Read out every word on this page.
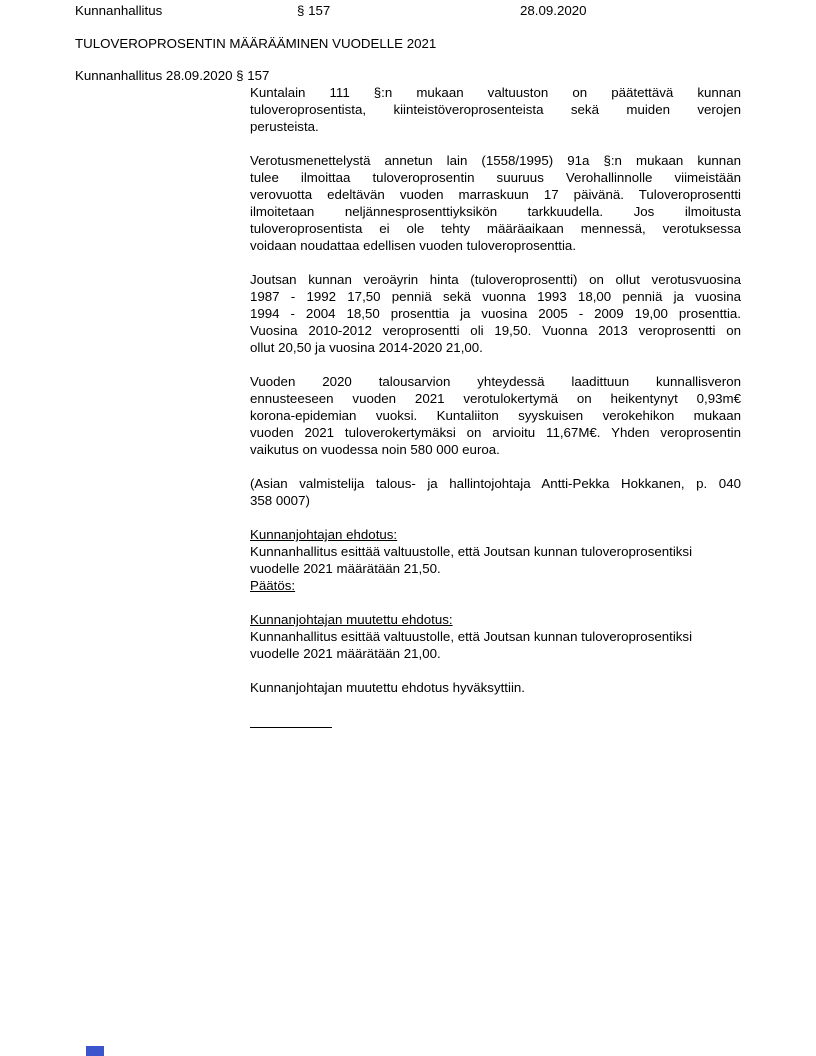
Kunnanhallitus	§ 157	28.09.2020
TULOVEROPROSENTIN MÄÄRÄÄMINEN VUODELLE 2021
Kunnanhallitus 28.09.2020 § 157
Kuntalain 111 §:n mukaan valtuuston on päätettävä kunnan
tuloveroprosentista, kiinteistöveroprosenteista sekä muiden verojen
perusteista.
Verotusmenettelystä annetun lain (1558/1995) 91a §:n mukaan kunnan
tulee ilmoittaa tuloveroprosentin suuruus Verohallinnolle viimeistään
verovuotta edeltävän vuoden marraskuun 17 päivänä. Tuloveroprosentti
ilmoitetaan neljännesprosenttiyksikön tarkkuudella. Jos ilmoitusta
tuloveroprosentista ei ole tehty määräaikaan mennessä, verotuksessa
voidaan noudattaa edellisen vuoden tuloveroprosenttia.
Joutsan kunnan veroäyrin hinta (tuloveroprosentti) on ollut verotusvuosina
1987 - 1992 17,50 penniä sekä vuonna 1993 18,00 penniä ja vuosina
1994 - 2004 18,50 prosenttia ja vuosina 2005 - 2009 19,00 prosenttia.
Vuosina 2010-2012 veroprosentti oli 19,50. Vuonna 2013 veroprosentti on
ollut 20,50 ja vuosina 2014-2020 21,00.
Vuoden 2020 talousarvion yhteydessä laadittuun kunnallisveron
ennusteeseen vuoden 2021 verotulokertymä on heikentynyt 0,93m€
korona-epidemian vuoksi. Kuntaliiton syyskuisen verokehikon mukaan
vuoden 2021 tuloverokertymäksi on arvioitu 11,67M€. Yhden veroprosentin
vaikutus on vuodessa noin 580 000 euroa.
(Asian valmistelija talous- ja hallintojohtaja Antti-Pekka Hokkanen, p. 040
358 0007)
Kunnanjohtajan ehdotus:
Kunnanhallitus esittää valtuustolle, että Joutsan kunnan tuloveroprosentiksi
vuodelle 2021 määrätään 21,50.
Päätös:
Kunnanjohtajan muutettu ehdotus:
Kunnanhallitus esittää valtuustolle, että Joutsan kunnan tuloveroprosentiksi
vuodelle 2021 määrätään 21,00.
Kunnanjohtajan muutettu ehdotus hyväksyttiin.
